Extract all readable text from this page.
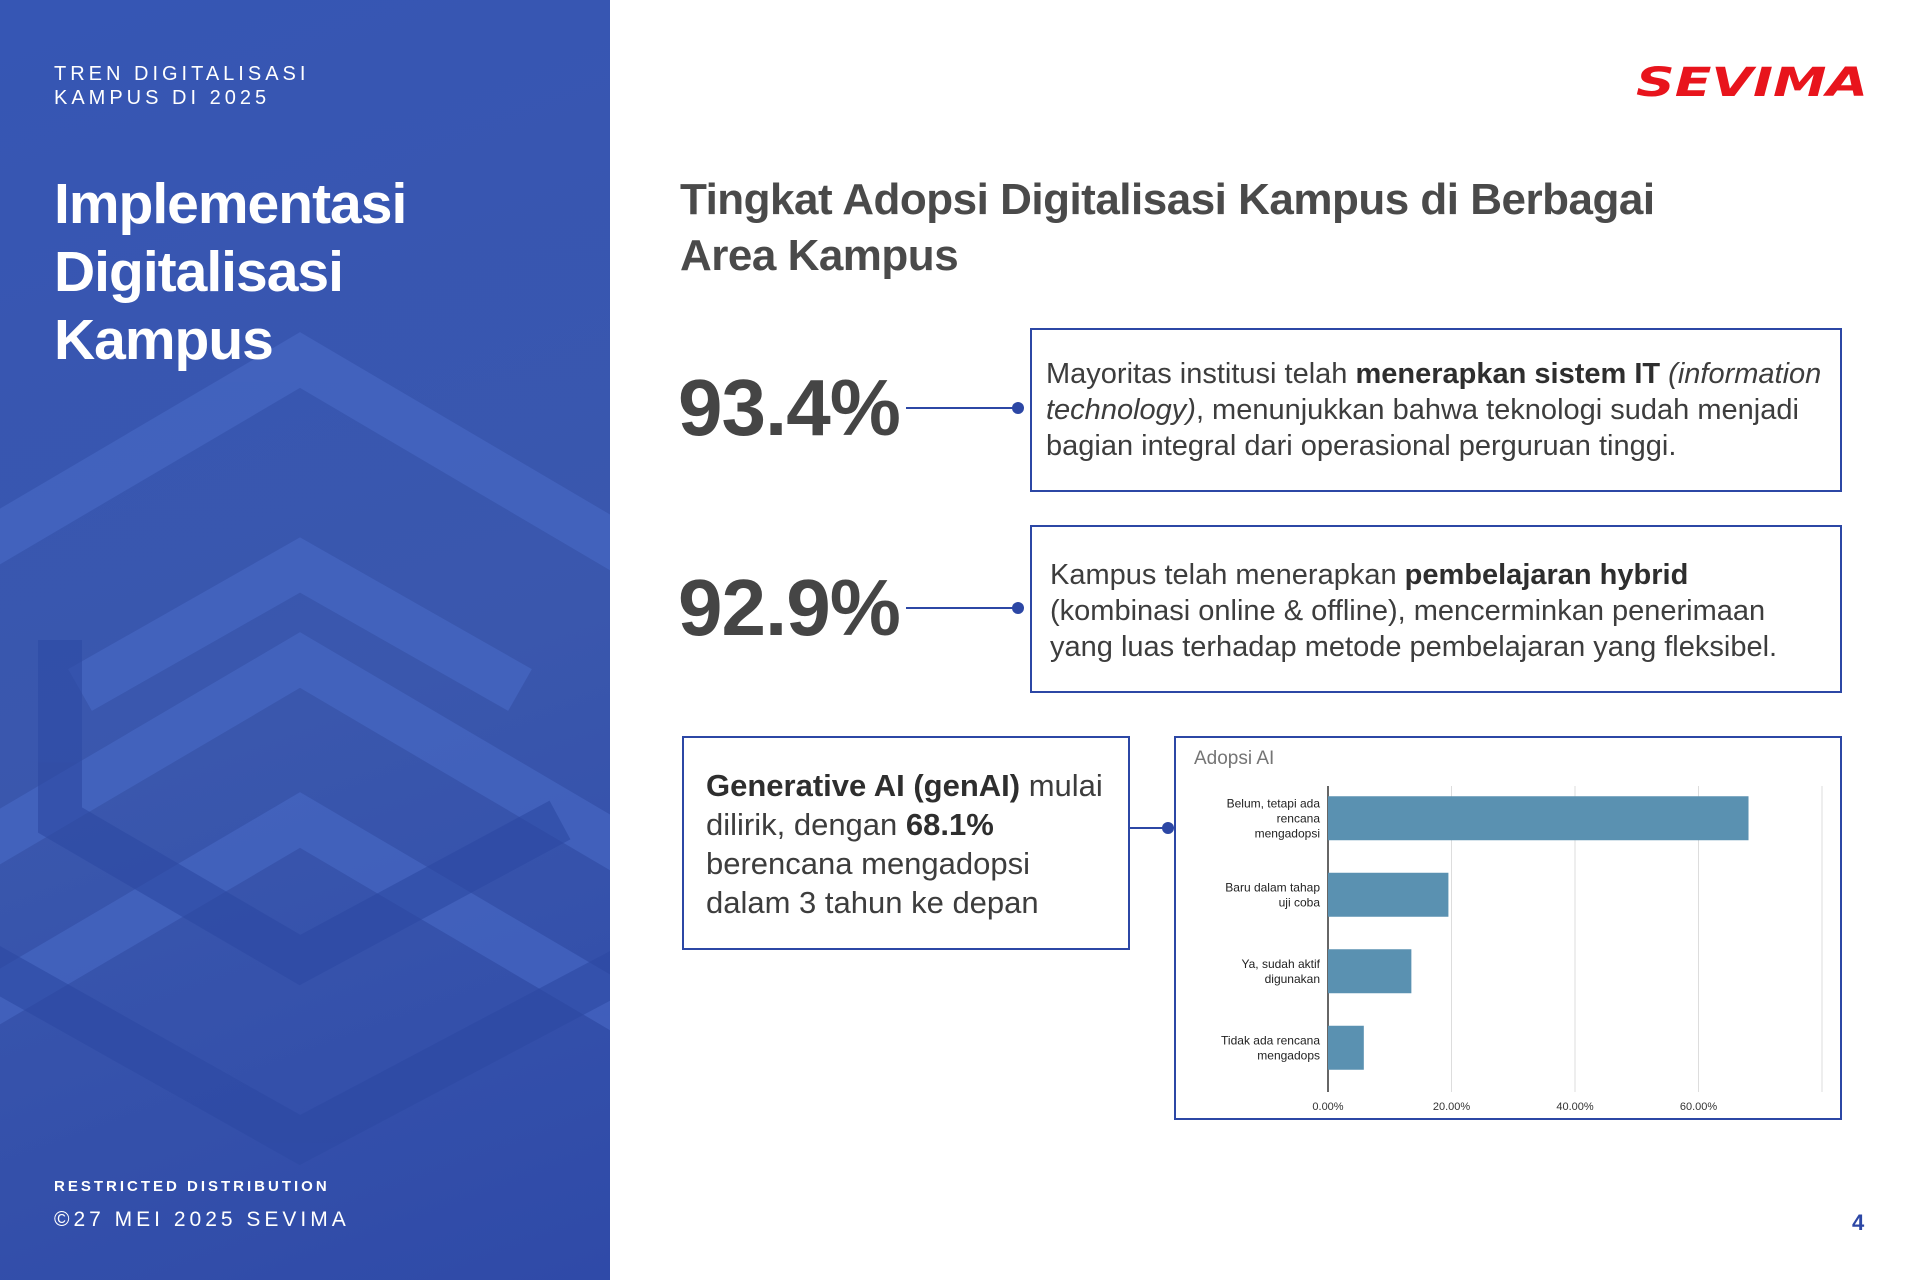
TREN DIGITALISASI
KAMPUS DI 2025
Implementasi
Digitalisasi
Kampus
RESTRICTED DISTRIBUTION
©27 MEI 2025 SEVIMA
SEVIMA
Tingkat Adopsi Digitalisasi Kampus di Berbagai
Area Kampus
93.4%	Mayoritas institusi telah menerapkan sistem IT (information technology), menunjukkan bahwa teknologi sudah menjadi bagian integral dari operasional perguruan tinggi.

92.9%	Kampus telah menerapkan pembelajaran hybrid (kombinasi online & offline), mencerminkan penerimaan yang luas terhadap metode pembelajaran yang fleksibel.

Generative AI (genAI) mulai dilirik, dengan 68.1% berencana mengadopsi dalam 3 tahun ke depan

Adopsi AI
0.00%	20.00%	40.00%	60.00%
Belum, tetapi ada
rencana
mengadopsi
Baru dalam tahap
uji coba
Ya, sudah aktif
digunakan
Tidak ada rencana
mengadops
4
